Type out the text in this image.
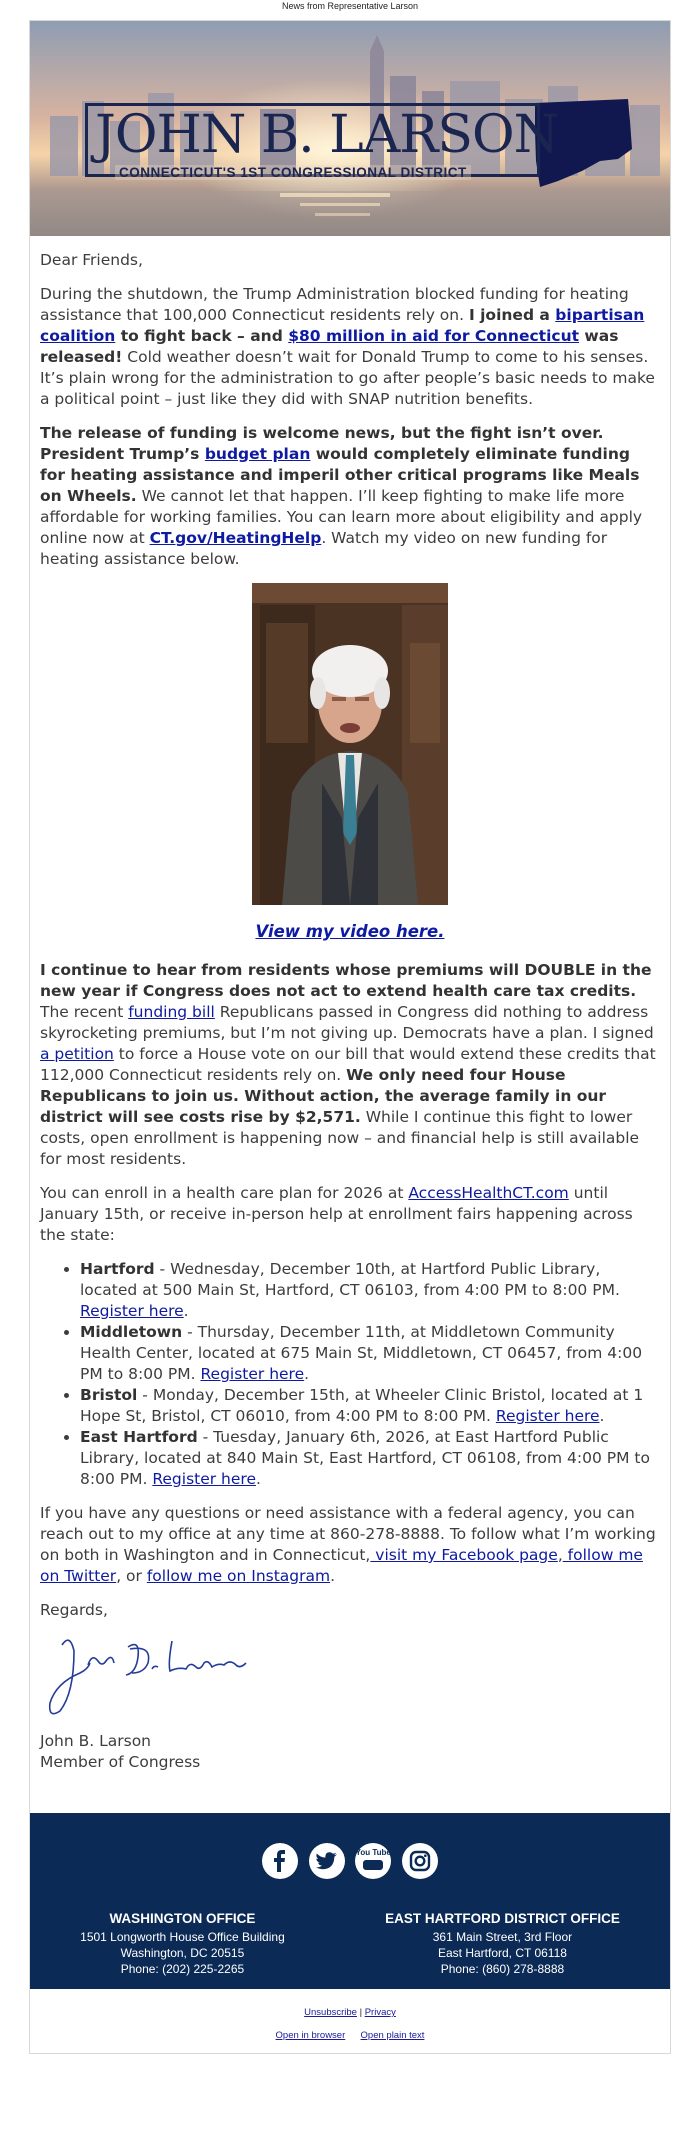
News from Representative Larson
JOHN B. LARSON
CONNECTICUT'S 1ST CONGRESSIONAL DISTRICT

Dear Friends,

During the shutdown, the Trump Administration blocked funding for heating assistance that 100,000 Connecticut residents rely on. I joined a bipartisan coalition to fight back – and $80 million in aid for Connecticut was released! Cold weather doesn’t wait for Donald Trump to come to his senses. It’s plain wrong for the administration to go after people’s basic needs to make a political point – just like they did with SNAP nutrition benefits.

The release of funding is welcome news, but the fight isn’t over. President Trump’s budget plan would completely eliminate funding for heating assistance and imperil other critical programs like Meals on Wheels. We cannot let that happen. I’ll keep fighting to make life more affordable for working families. You can learn more about eligibility and apply online now at CT.gov/HeatingHelp. Watch my video on new funding for heating assistance below.

View my video here.

I continue to hear from residents whose premiums will DOUBLE in the new year if Congress does not act to extend health care tax credits. The recent funding bill Republicans passed in Congress did nothing to address skyrocketing premiums, but I’m not giving up. Democrats have a plan. I signed a petition to force a House vote on our bill that would extend these credits that 112,000 Connecticut residents rely on. We only need four House Republicans to join us. Without action, the average family in our district will see costs rise by $2,571. While I continue this fight to lower costs, open enrollment is happening now – and financial help is still available for most residents.

You can enroll in a health care plan for 2026 at AccessHealthCT.com until January 15th, or receive in-person help at enrollment fairs happening across the state:

• Hartford - Wednesday, December 10th, at Hartford Public Library, located at 500 Main St, Hartford, CT 06103, from 4:00 PM to 8:00 PM. Register here.
• Middletown - Thursday, December 11th, at Middletown Community Health Center, located at 675 Main St, Middletown, CT 06457, from 4:00 PM to 8:00 PM. Register here.
• Bristol - Monday, December 15th, at Wheeler Clinic Bristol, located at 1 Hope St, Bristol, CT 06010, from 4:00 PM to 8:00 PM. Register here.
• East Hartford - Tuesday, January 6th, 2026, at East Hartford Public Library, located at 840 Main St, East Hartford, CT 06108, from 4:00 PM to 8:00 PM. Register here.

If you have any questions or need assistance with a federal agency, you can reach out to my office at any time at 860-278-8888. To follow what I’m working on both in Washington and in Connecticut, visit my Facebook page, follow me on Twitter, or follow me on Instagram.

Regards,

John B. Larson
Member of Congress

You Tube

WASHINGTON OFFICE
1501 Longworth House Office Building
Washington, DC 20515
Phone: (202) 225-2265
EAST HARTFORD DISTRICT OFFICE
361 Main Street, 3rd Floor
East Hartford, CT 06118
Phone: (860) 278-8888
Unsubscribe | Privacy
Open in browser Open plain text
